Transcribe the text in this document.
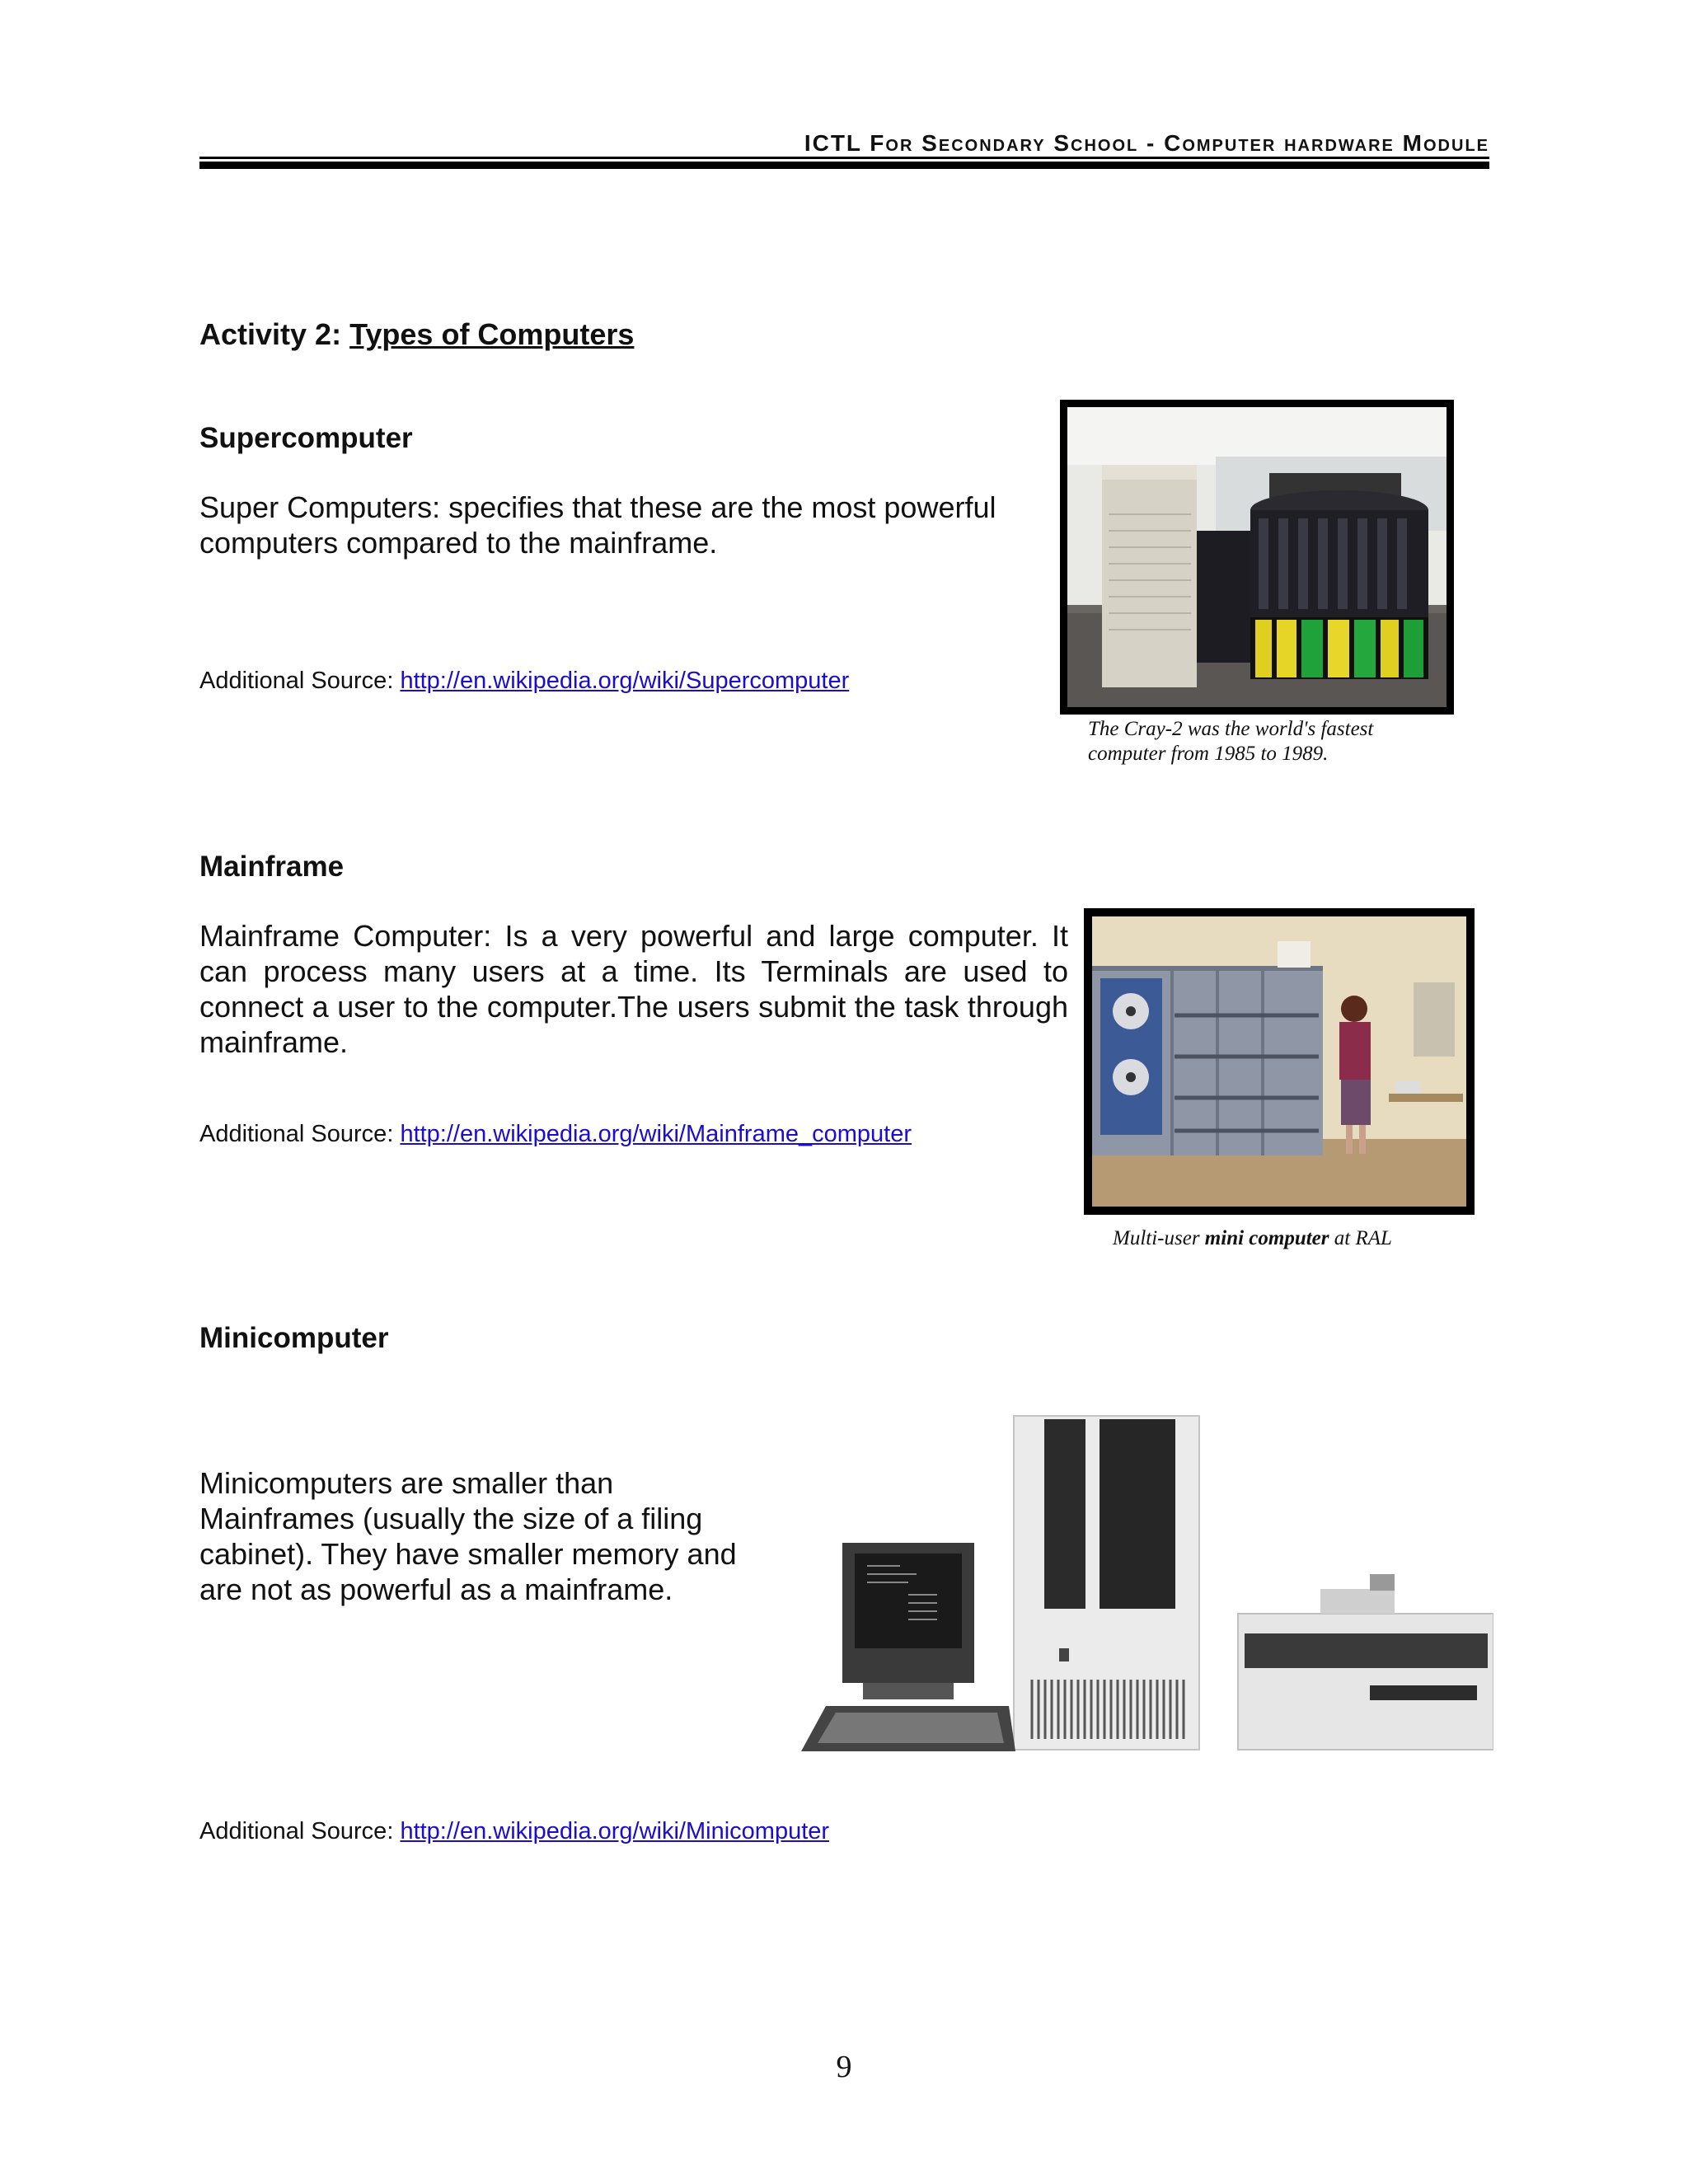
ICTL For Secondary School - Computer hardware Module
Activity 2: Types of Computers
Supercomputer
Super Computers: specifies that these are the most powerful computers compared to the mainframe.
Additional Source: http://en.wikipedia.org/wiki/Supercomputer
The Cray-2 was the world's fastest
computer from 1985 to 1989.
Mainframe
Mainframe Computer: Is a very powerful and large computer. It can process many users at a time. Its Terminals are used to connect a user to the computer.The users submit the task through mainframe.
Additional Source: http://en.wikipedia.org/wiki/Mainframe_computer
Multi-user mini computer at RAL
Minicomputer
Minicomputers are smaller than Mainframes (usually the size of a filing cabinet). They have smaller memory and are not as powerful as a mainframe.
Additional Source: http://en.wikipedia.org/wiki/Minicomputer
9
